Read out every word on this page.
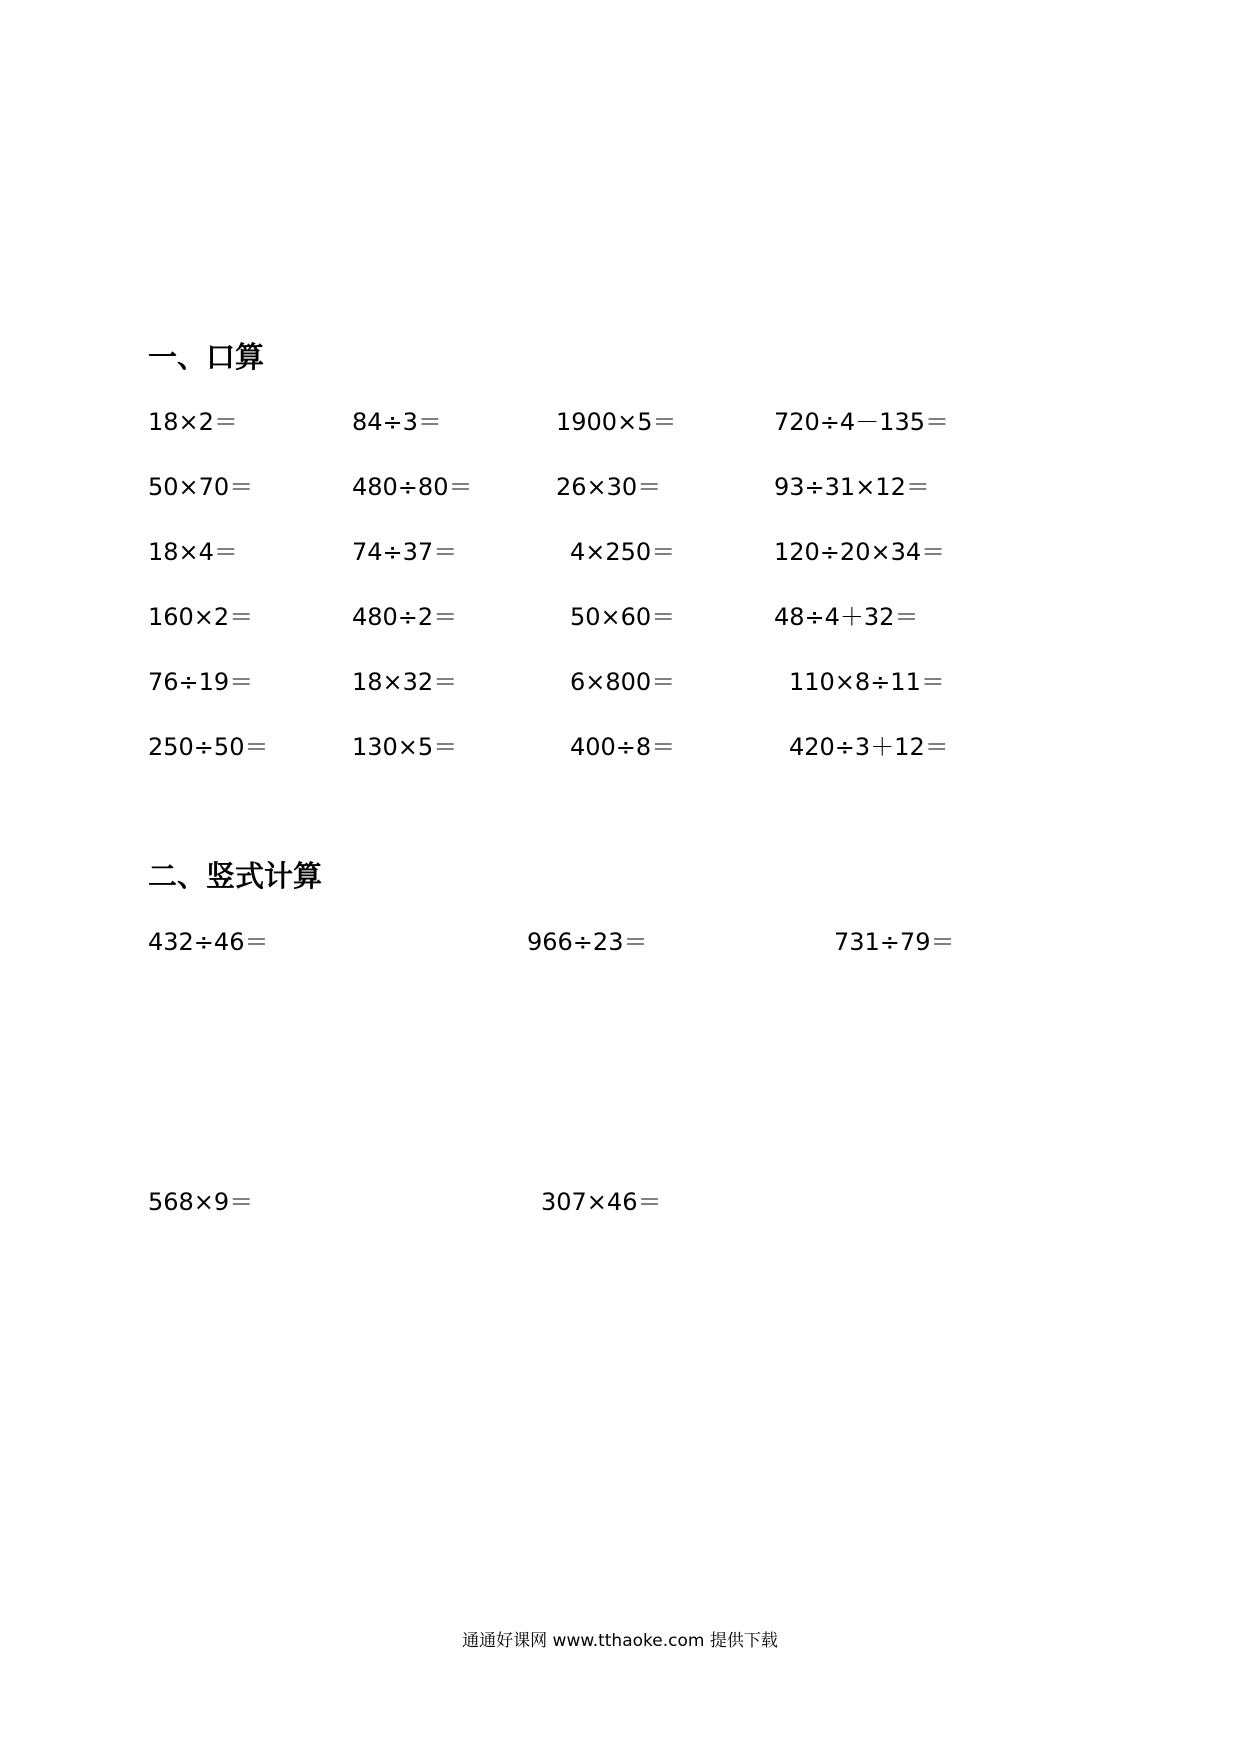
一、口算
18×2＝	84÷3＝	1900×5＝	720÷4－135＝
50×70＝	480÷80＝	26×30＝	93÷31×12＝
18×4＝	74÷37＝	4×250＝	120÷20×34＝
160×2＝	480÷2＝	50×60＝	48÷4＋32＝
76÷19＝	18×32＝	6×800＝	110×8÷11＝
250÷50＝	130×5＝	400÷8＝	420÷3＋12＝
二、竖式计算
432÷46＝	966÷23＝	731÷79＝
568×9＝	307×46＝
通通好课网 www.tthaoke.com 提供下载
